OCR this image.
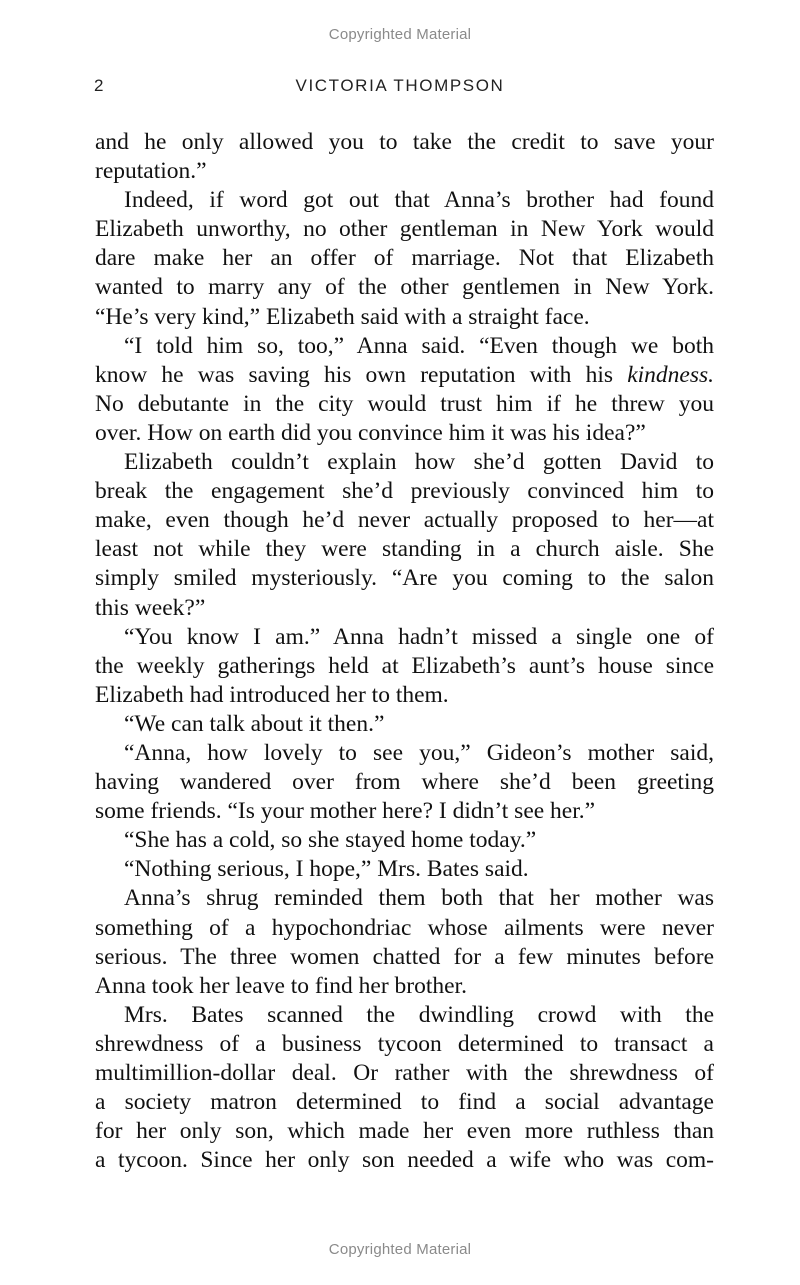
Copyrighted Material
2	VICTORIA THOMPSON
and he only allowed you to take the credit to save your
reputation.”
Indeed, if word got out that Anna’s brother had found
Elizabeth unworthy, no other gentleman in New York would
dare make her an offer of marriage. Not that Elizabeth
wanted to marry any of the other gentlemen in New York.
“He’s very kind,” Elizabeth said with a straight face.
“I told him so, too,” Anna said. “Even though we both
know he was saving his own reputation with his kindness.
No debutante in the city would trust him if he threw you
over. How on earth did you convince him it was his idea?”
Elizabeth couldn’t explain how she’d gotten David to
break the engagement she’d previously convinced him to
make, even though he’d never actually proposed to her—at
least not while they were standing in a church aisle. She
simply smiled mysteriously. “Are you coming to the salon
this week?”
“You know I am.” Anna hadn’t missed a single one of
the weekly gatherings held at Elizabeth’s aunt’s house since
Elizabeth had introduced her to them.
“We can talk about it then.”
“Anna, how lovely to see you,” Gideon’s mother said,
having wandered over from where she’d been greeting
some friends. “Is your mother here? I didn’t see her.”
“She has a cold, so she stayed home today.”
“Nothing serious, I hope,” Mrs. Bates said.
Anna’s shrug reminded them both that her mother was
something of a hypochondriac whose ailments were never
serious. The three women chatted for a few minutes before
Anna took her leave to find her brother.
Mrs. Bates scanned the dwindling crowd with the
shrewdness of a business tycoon determined to transact a
multimillion-dollar deal. Or rather with the shrewdness of
a society matron determined to find a social advantage
for her only son, which made her even more ruthless than
a tycoon. Since her only son needed a wife who was com-
Copyrighted Material
